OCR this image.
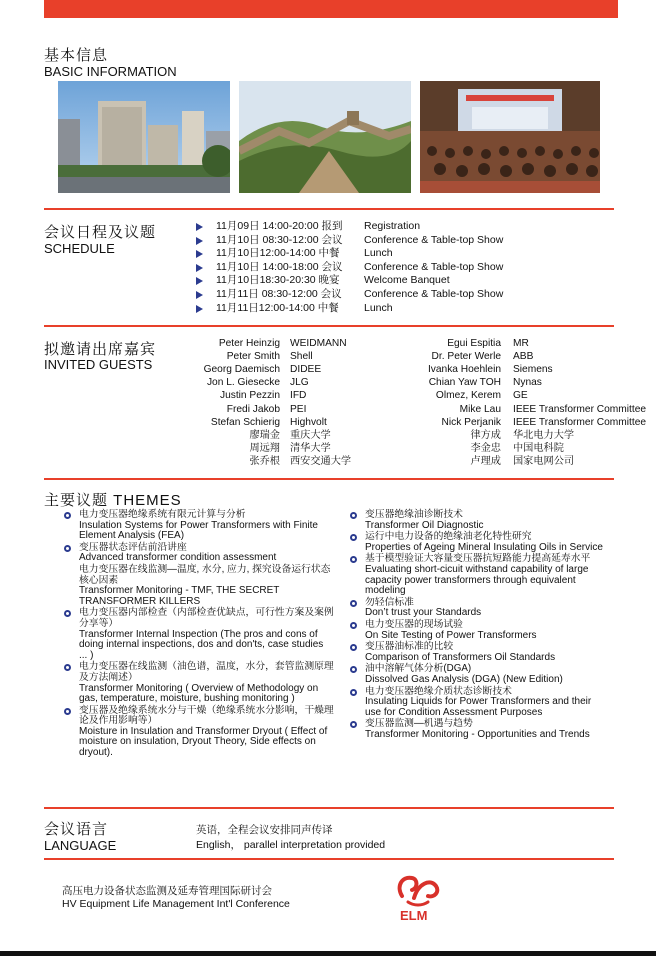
基本信息
BASIC INFORMATION
会议日程及议题
SCHEDULE
11月09日 14:00-20:00 报到 Registration
11月10日 08:30-12:00 会议 Conference & Table-top Show
11月10日12:00-14:00 中餐 Lunch
11月10日 14:00-18:00 会议 Conference & Table-top Show
11月10日18:30-20:30 晚宴 Welcome Banquet
11月11日 08:30-12:00 会议 Conference & Table-top Show
11月11日12:00-14:00 中餐 Lunch
拟邀请出席嘉宾
INVITED GUESTS
Peter Heinzig WEIDMANN
Peter Smith Shell
Georg Daemisch DIDEE
Jon L. Giesecke JLG
Justin Pezzin IFD
Fredi Jakob PEI
Stefan Schierig Highvolt
廖瑞金 重庆大学
周远翔 清华大学
张乔根 西安交通大学
Egui Espitia MR
Dr. Peter Werle ABB
Ivanka Hoehlein Siemens
Chian Yaw TOH Nynas
Olmez, Kerem GE
Mike Lau IEEE Transformer Committee
Nick Perjanik IEEE Transformer Committee
律方成 华北电力大学
李金忠 中国电科院
卢理成 国家电网公司
主要议题 THEMES
电力变压器绝缘系统有限元计算与分析
Insulation Systems for Power Transformers with Finite Element Analysis (FEA)
变压器状态评估前沿讲座
Advanced transformer condition assessment
电力变压器在线监测—温度, 水分, 应力, 探究设备运行状态核心因素
Transformer Monitoring - TMF, THE SECRET TRANSFORMER KILLERS
电力变压器内部检查（内部检查优缺点，可行性方案及案例分享等）
Transformer Internal Inspection (The pros and cons of doing internal inspections, dos and don'ts, case studies ... )
电力变压器在线监测（油色谱，温度，水分，套管监测原理及方法阐述）
Transformer Monitoring ( Overview of Methodology on gas, temperature, moisture, bushing monitoring )
变压器及绝缘系统水分与干燥（绝缘系统水分影响，干燥理论及作用影响等）
Moisture in Insulation and Transformer Dryout ( Effect of moisture on insulation, Dryout Theory, Side effects on dryout).
变压器绝缘油诊断技术
Transformer Oil Diagnostic
运行中电力设备的绝缘油老化特性研究
Properties of Ageing Mineral Insulating Oils in Service
基于模型验证大容量变压器抗短路能力提高延寿水平
Evaluating short-cicuit withstand capability of large capacity power transformers through equivalent modeling
勿轻信标准
Don’t trust your Standards
电力变压器的现场试验
On Site Testing of Power Transformers
变压器油标准的比较
Comparison of Transformers Oil Standards
油中溶解气体分析(DGA)
Dissolved Gas Analysis (DGA) (New Edition)
电力变压器绝缘介质状态诊断技术
Insulating Liquids for Power Transformers and their use for Condition Assessment Purposes
变压器监测—机遇与趋势
Transformer Monitoring - Opportunities and Trends
会议语言
LANGUAGE
英语，全程会议安排同声传译
English， parallel interpretation provided
高压电力设备状态监测及延寿管理国际研讨会
HV Equipment Life Management Int'l Conference
ELM
